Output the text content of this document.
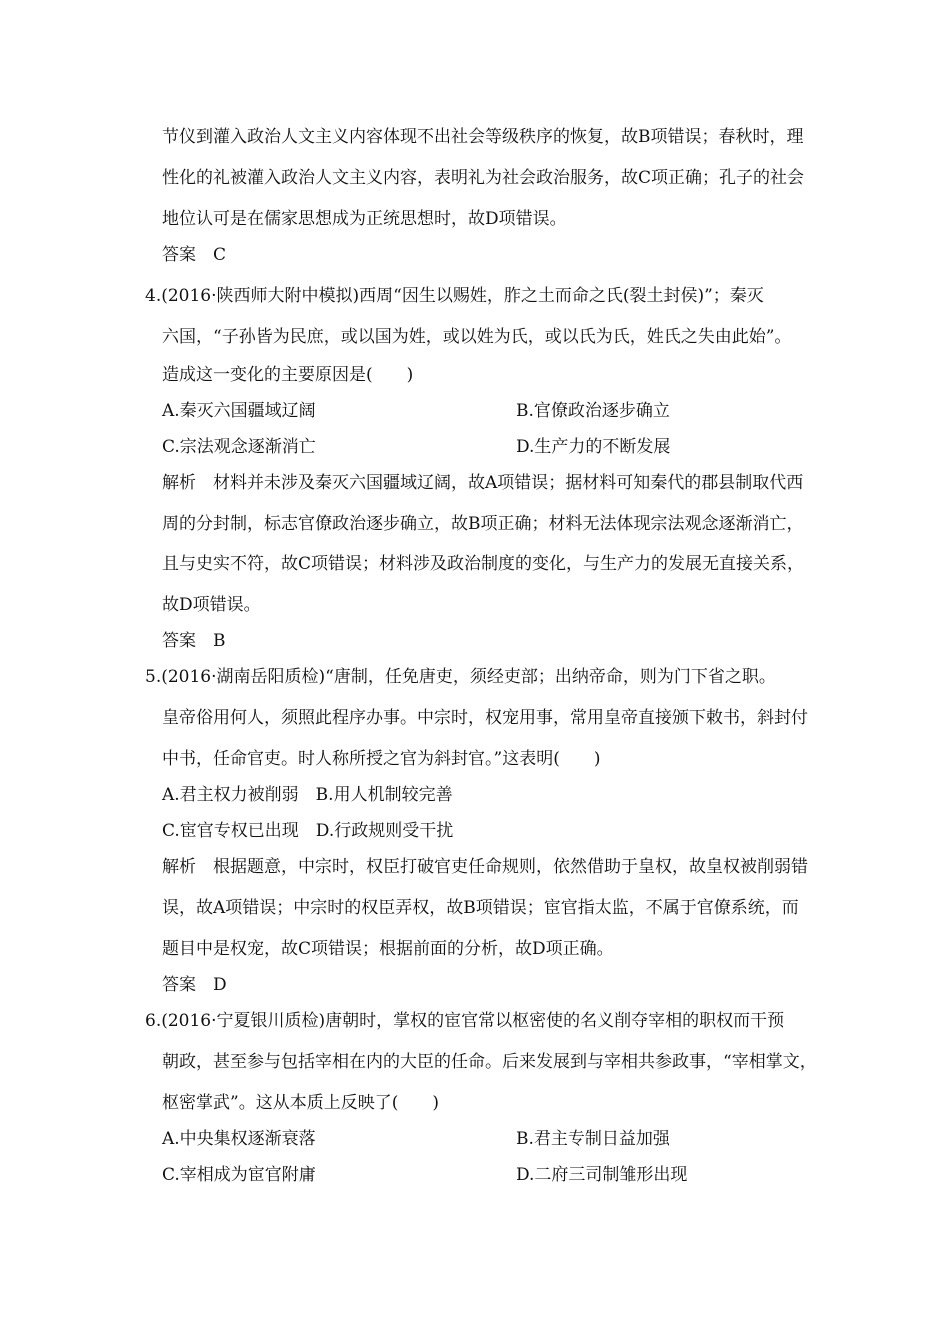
节仪到灌入政治人文主义内容体现不出社会等级秩序的恢复，故B项错误；春秋时，理
性化的礼被灌入政治人文主义内容，表明礼为社会政治服务，故C项正确；孔子的社会
地位认可是在儒家思想成为正统思想时，故D项错误。
答案　C
4.(2016·陕西师大附中模拟)西周“因生以赐姓，胙之土而命之氏(裂土封侯)”；秦灭
六国，“子孙皆为民庶，或以国为姓，或以姓为氏，或以氏为氏，姓氏之失由此始”。
造成这一变化的主要原因是(　　)
A.秦灭六国疆域辽阔	B.官僚政治逐步确立
C.宗法观念逐渐消亡	D.生产力的不断发展
解析　材料并未涉及秦灭六国疆域辽阔，故A项错误；据材料可知秦代的郡县制取代西
周的分封制，标志官僚政治逐步确立，故B项正确；材料无法体现宗法观念逐渐消亡，
且与史实不符，故C项错误；材料涉及政治制度的变化，与生产力的发展无直接关系，
故D项错误。
答案　B
5.(2016·湖南岳阳质检)“唐制，任免唐吏，须经吏部；出纳帝命，则为门下省之职。
皇帝俗用何人，须照此程序办事。中宗时，权宠用事，常用皇帝直接颁下敕书，斜封付
中书，任命官吏。时人称所授之官为斜封官。”这表明(　　)
A.君主权力被削弱　B.用人机制较完善
C.宦官专权已出现　D.行政规则受干扰
解析　根据题意，中宗时，权臣打破官吏任命规则，依然借助于皇权，故皇权被削弱错
误，故A项错误；中宗时的权臣弄权，故B项错误；宦官指太监，不属于官僚系统，而
题目中是权宠，故C项错误；根据前面的分析，故D项正确。
答案　D
6.(2016·宁夏银川质检)唐朝时，掌权的宦官常以枢密使的名义削夺宰相的职权而干预
朝政，甚至参与包括宰相在内的大臣的任命。后来发展到与宰相共参政事，“宰相掌文，
枢密掌武”。这从本质上反映了(　　)
A.中央集权逐渐衰落	B.君主专制日益加强
C.宰相成为宦官附庸	D.二府三司制雏形出现
